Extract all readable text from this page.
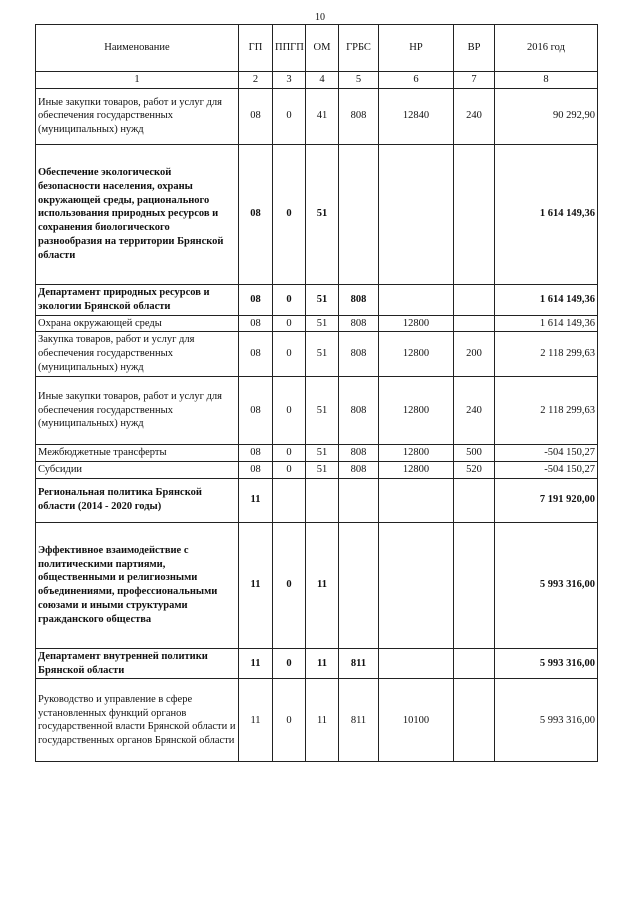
10
Наименование	ГП	ППГП	ОМ	ГРБС	НР	ВР	2016 год
1	2	3	4	5	6	7	8
Иные закупки товаров, работ и услуг для обеспечения государственных (муниципальных) нужд	08	0	41	808	12840	240	90 292,90
Обеспечение экологической безопасности населения, охраны окружающей среды, рационального использования природных ресурсов и сохранения биологического разнообразия на территории Брянской области	08	0	51				1 614 149,36
Департамент природных ресурсов и экологии Брянской области	08	0	51	808			1 614 149,36
Охрана окружающей среды	08	0	51	808	12800		1 614 149,36
Закупка товаров, работ и услуг для обеспечения государственных (муниципальных) нужд	08	0	51	808	12800	200	2 118 299,63
Иные закупки товаров, работ и услуг для обеспечения государственных (муниципальных) нужд	08	0	51	808	12800	240	2 118 299,63
Межбюджетные трансферты	08	0	51	808	12800	500	-504 150,27
Субсидии	08	0	51	808	12800	520	-504 150,27
Региональная политика Брянской области (2014 - 2020 годы)	11						7 191 920,00
Эффективное взаимодействие с политическими партиями, общественными и религиозными объединениями, профессиональными союзами и иными структурами гражданского общества	11	0	11				5 993 316,00
Департамент внутренней политики Брянской области	11	0	11	811			5 993 316,00
Руководство и управление в сфере установленных функций органов государственной власти Брянской области и государственных органов Брянской области	11	0	11	811	10100		5 993 316,00
